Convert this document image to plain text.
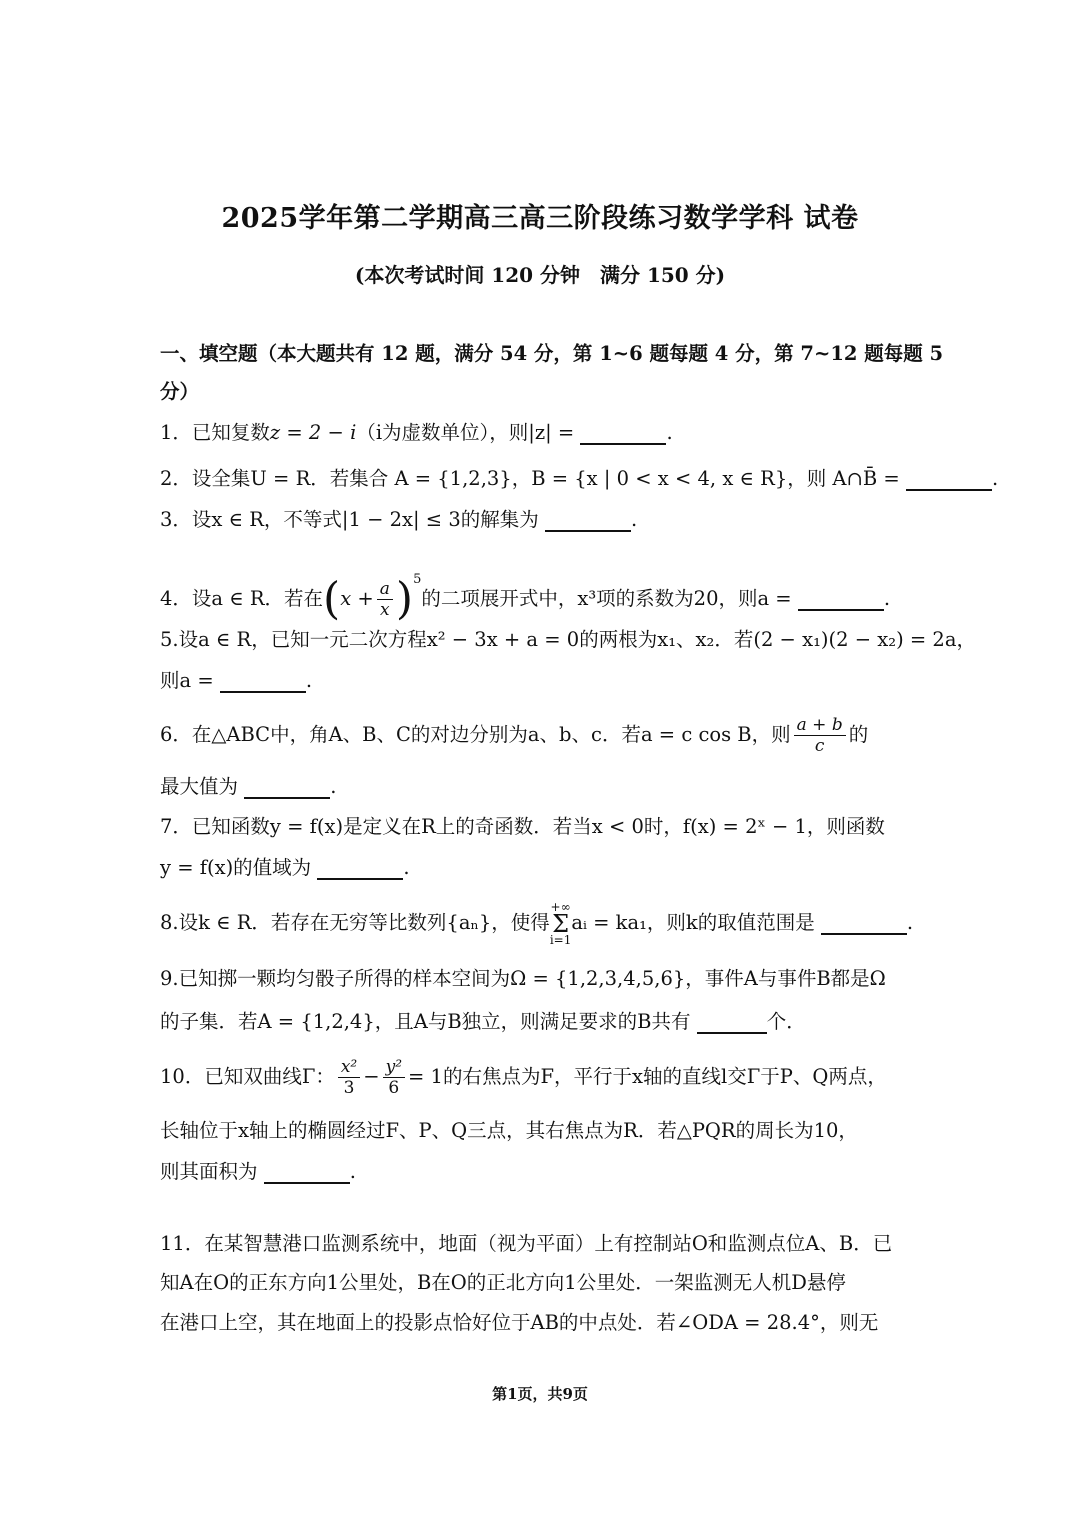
2025学年第二学期高三高三阶段练习数学学科 试卷
(本次考试时间 120 分钟　满分 150 分)
一、填空题（本大题共有 12 题，满分 54 分，第 1~6 题每题 4 分，第 7~12 题每题 5
分）
1．已知复数z = 2 − i（i为虚数单位），则|z| =	.
2．设全集U = R．若集合 A = {1,2,3}，B = {x | 0 < x < 4, x ∈ R}，则 A∩B̄ =	.
3．设x ∈ R，不等式|1 − 2x| ≤ 3的解集为	.
4．设a ∈ R．若在$(x + \frac{a}{x} )^5$的二项展开式中，x³项的系数为20，则a =	.
5.设a ∈ R，已知一元二次方程x² − 3x + a = 0的两根为x₁、x₂．若(2 − x₁)(2 − x₂) = 2a，
则a =	.
6．在△ABC中，角A、B、C的对边分别为a、b、c．若a = c cos B，则 $\frac{a + b}{c}$ 的
最大值为	.
7．已知函数y = f(x)是定义在R上的奇函数．若当x < 0时，f(x) = 2ˣ − 1，则函数
y = f(x)的值域为	.
8.设k ∈ R．若存在无穷等比数列{aₙ}，使得
+∞
Σ
i=1
aᵢ = ka₁，则k的取值范围是	.
9.已知掷一颗均匀骰子所得的样本空间为Ω = {1,2,3,4,5,6}，事件A与事件B都是Ω
的子集．若A = {1,2,4}，且A与B独立，则满足要求的B共有	个．
10．已知双曲线Γ： $\frac{\text{x²}}{3} - \frac{\text{y²}}{6} = 1$的右焦点为F，平行于x轴的直线l交Γ于P、Q两点，
长轴位于x轴上的椭圆经过F、P、Q三点，其右焦点为R．若△PQR的周长为10，
则其面积为	.
11．在某智慧港口监测系统中，地面（视为平面）上有控制站O和监测点位A、B．已
知A在O的正东方向1公里处，B在O的正北方向1公里处．一架监测无人机D悬停
在港口上空，其在地面上的投影点恰好位于AB的中点处．若∠ODA = 28.4°，则无
第1页，共9页
